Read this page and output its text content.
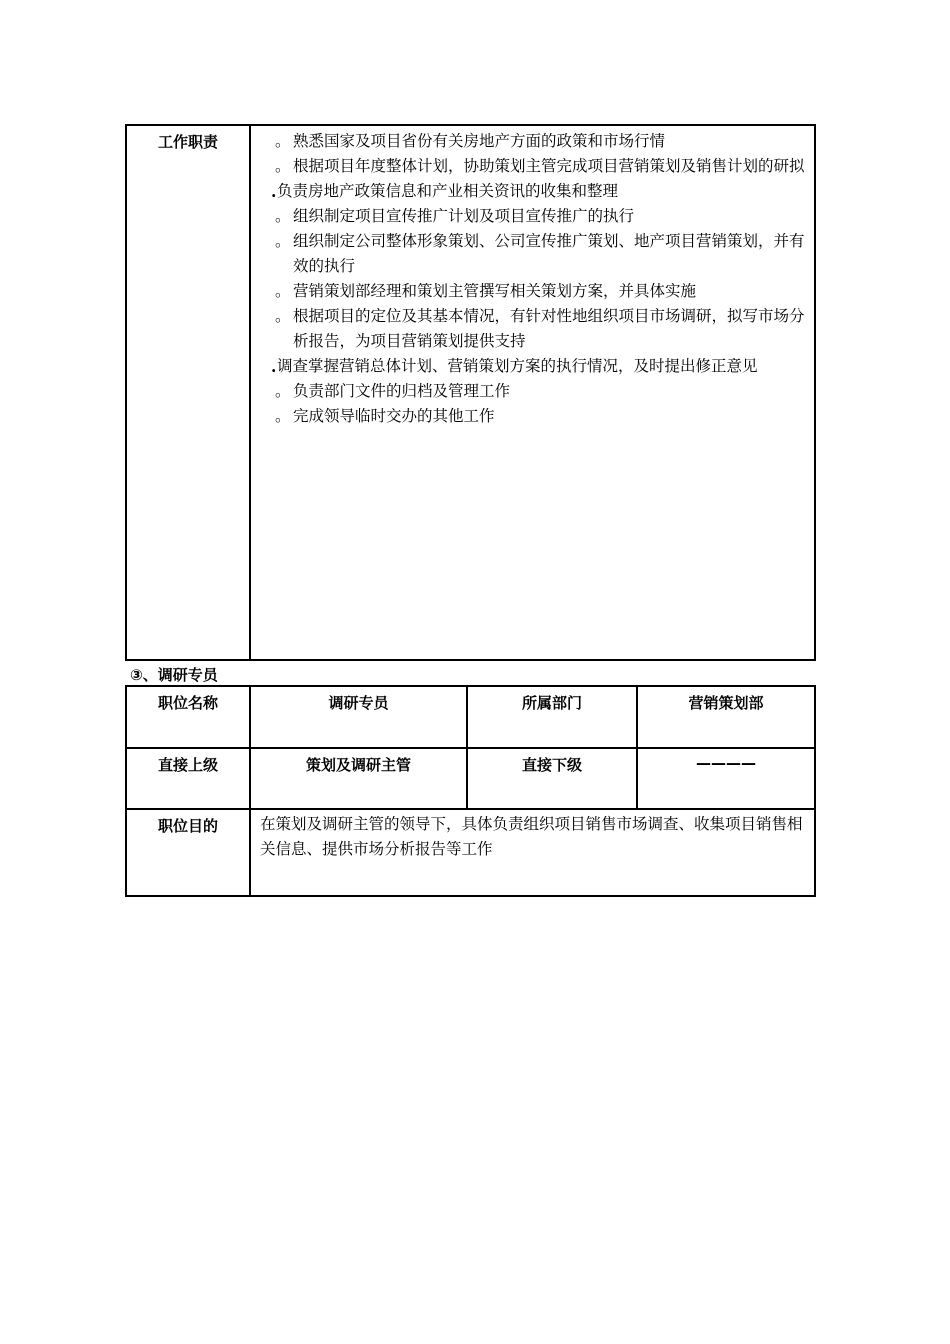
工作职责	。 熟悉国家及项目省份有关房地产方面的政策和市场行情
。 根据项目年度整体计划，协助策划主管完成项目营销策划及销售计划的研拟
. 负责房地产政策信息和产业相关资讯的收集和整理
。 组织制定项目宣传推广计划及项目宣传推广的执行
。 组织制定公司整体形象策划、公司宣传推广策划、地产项目营销策划，并有效的执行
。 营销策划部经理和策划主管撰写相关策划方案，并具体实施
。 根据项目的定位及其基本情况，有针对性地组织项目市场调研，拟写市场分析报告，为项目营销策划提供支持
. 调查掌握营销总体计划、营销策划方案的执行情况，及时提出修正意见
。 负责部门文件的归档及管理工作
。 完成领导临时交办的其他工作
③、调研专员
职位名称	调研专员	所属部门	营销策划部
直接上级	策划及调研主管	直接下级	————
职位目的	在策划及调研主管的领导下，具体负责组织项目销售市场调查、收集项目销售相关信息、提供市场分析报告等工作
